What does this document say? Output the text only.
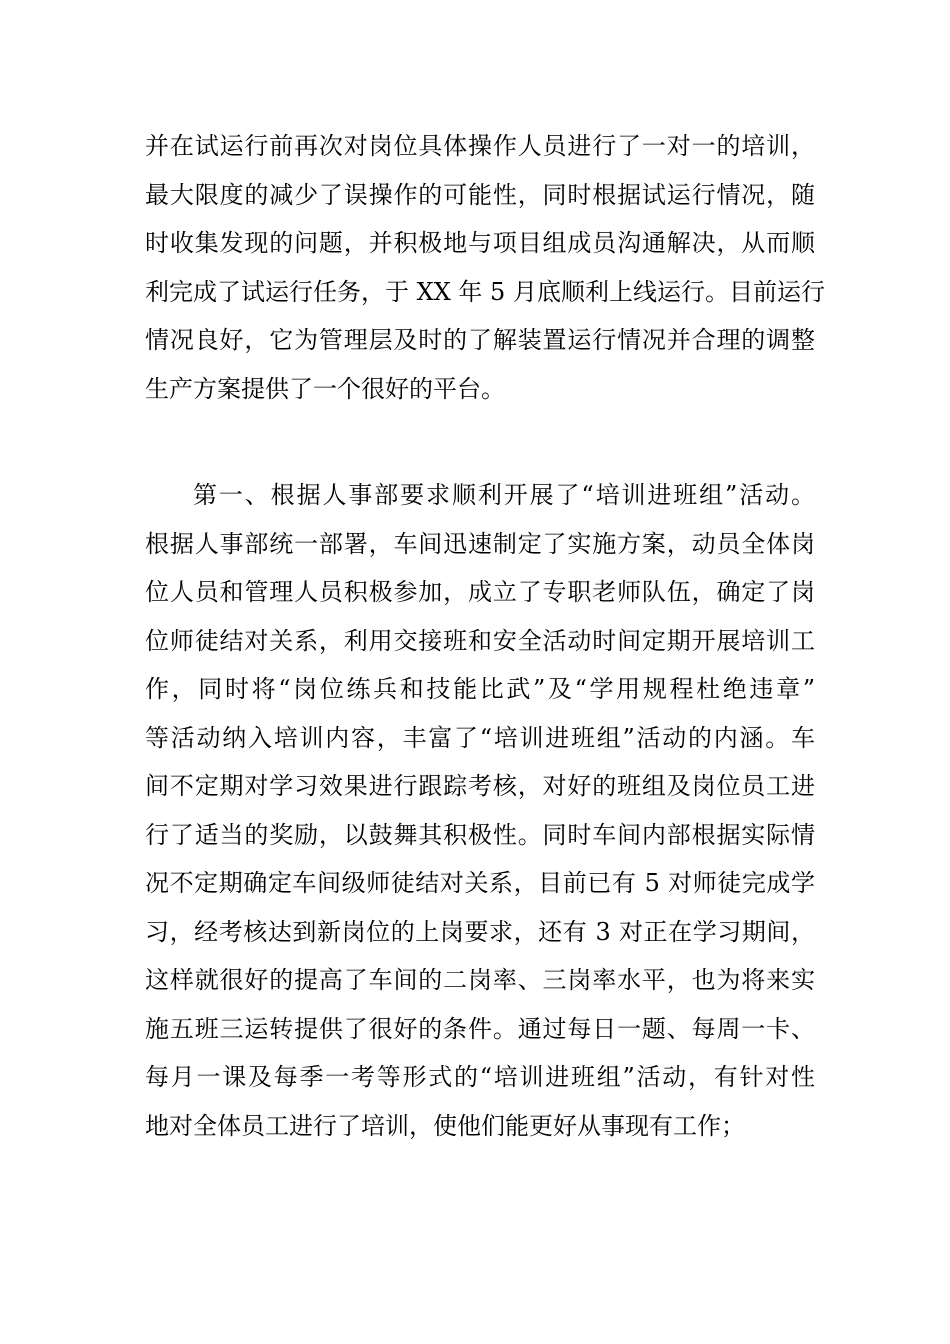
并在试运行前再次对岗位具体操作人员进行了一对一的培训，
最大限度的减少了误操作的可能性，同时根据试运行情况，随
时收集发现的问题，并积极地与项目组成员沟通解决，从而顺
利完成了试运行任务，于 XX 年 5 月底顺利上线运行。目前运行
情况良好，它为管理层及时的了解装置运行情况并合理的调整
生产方案提供了一个很好的平台。
第一、根据人事部要求顺利开展了“培训进班组”活动。
根据人事部统一部署，车间迅速制定了实施方案，动员全体岗
位人员和管理人员积极参加，成立了专职老师队伍，确定了岗
位师徒结对关系，利用交接班和安全活动时间定期开展培训工
作，同时将“岗位练兵和技能比武”及“学用规程杜绝违章”
等活动纳入培训内容，丰富了“培训进班组”活动的内涵。车
间不定期对学习效果进行跟踪考核，对好的班组及岗位员工进
行了适当的奖励，以鼓舞其积极性。同时车间内部根据实际情
况不定期确定车间级师徒结对关系，目前已有 5 对师徒完成学
习，经考核达到新岗位的上岗要求，还有 3 对正在学习期间，
这样就很好的提高了车间的二岗率、三岗率水平，也为将来实
施五班三运转提供了很好的条件。通过每日一题、每周一卡、
每月一课及每季一考等形式的“培训进班组”活动，有针对性
地对全体员工进行了培训，使他们能更好从事现有工作；
